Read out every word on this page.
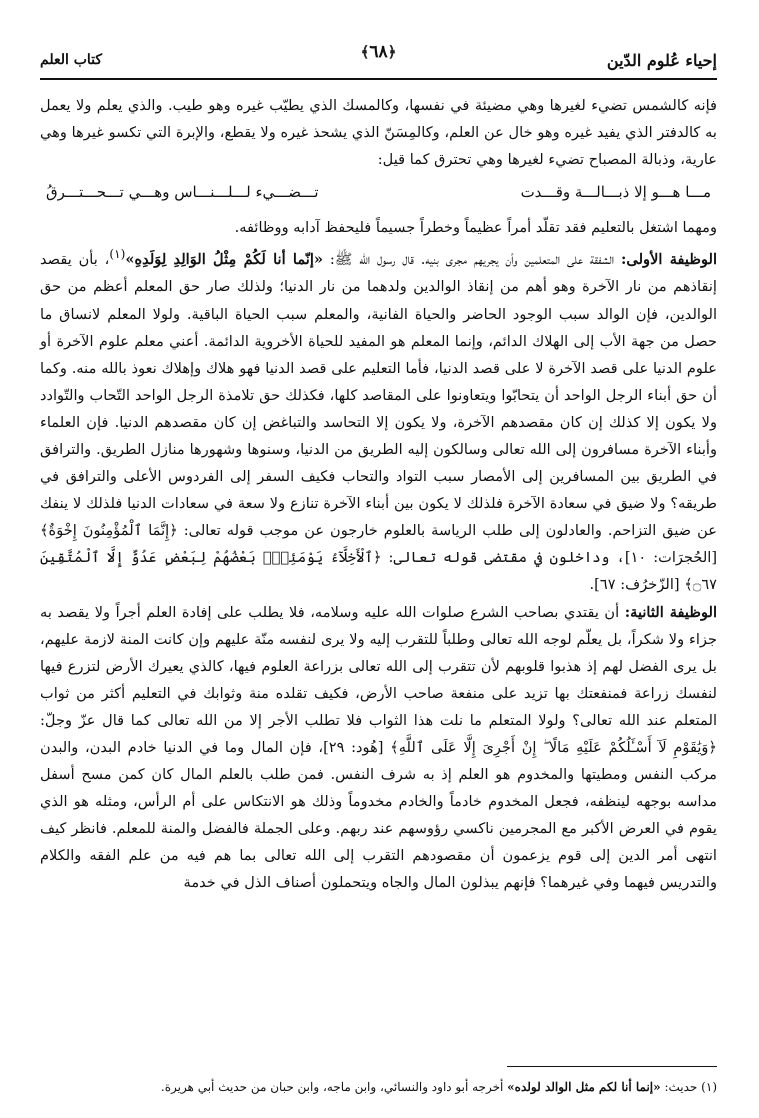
إحياء عُلوم الدّين
﴿٦٨﴾
كتاب العلم

فإنه كالشمس تضيء لغيرها وهي مضيئة في نفسها، وكالمسك الذي يطيّب غيره وهو طيب. والذي يعلم ولا يعمل به كالدفتر الذي يفيد غيره وهو خال عن العلم، وكالمِسَنّ الذي يشحذ غيره ولا يقطع، والإبرة التي تكسو غيرها وهي عارية، وذبالة المصباح تضيء لغيرها وهي تحترق كما قيل:

مـــا هـــو إلا ذبـــالـــة وقـــدت
تـــضـــيء لـــلـــنـــاس وهـــي تـــحـــتـــرقُ

ومهما اشتغل بالتعليم فقد تقلّد أمراً عظيماً وخطراً جسيماً فليحفظ آدابه ووظائفه.

الوظيفة الأولى: الشفقة على المتعلمين وأن يجريهم مجرى بنيه. قال رسول الله ﷺ: «إنّما أنا لَكُمْ مِثْلُ الوَالِدِ لِوَلَدِهِ»$^{(١)}$، بأن يقصد إنقاذهم من نار الآخرة وهو أهم من إنقاذ الوالدين ولدهما من نار الدنيا؛ ولذلك صار حق المعلم أعظم من حق الوالدين، فإن الوالد سبب الوجود الحاضر والحياة الفانية، والمعلم سبب الحياة الباقية. ولولا المعلم لانساق ما حصل من جهة الأب إلى الهلاك الدائم، وإنما المعلم هو المفيد للحياة الأخروية الدائمة. أعني معلم علوم الآخرة أو علوم الدنيا على قصد الآخرة لا على قصد الدنيا، فأما التعليم على قصد الدنيا فهو هلاك وإهلاك نعوذ بالله منه. وكما أن حق أبناء الرجل الواحد أن يتحابّوا ويتعاونوا على المقاصد كلها، فكذلك حق تلامذة الرجل الواحد التّحاب والتّوادد ولا يكون إلا كذلك إن كان مقصدهم الآخرة، ولا يكون إلا التحاسد والتباغض إن كان مقصدهم الدنيا. فإن العلماء وأبناء الآخرة مسافرون إلى الله تعالى وسالكون إليه الطريق من الدنيا، وسنوها وشهورها منازل الطريق. والترافق في الطريق بين المسافرين إلى الأمصار سبب التواد والتحاب فكيف السفر إلى الفردوس الأعلى والترافق في طريقه؟ ولا ضيق في سعادة الآخرة فلذلك لا يكون بين أبناء الآخرة تنازع ولا سعة في سعادات الدنيا فلذلك لا ينفك عن ضيق التزاحم. والعادلون إلى طلب الرياسة بالعلوم خارجون عن موجب قوله تعالى: ﴿إِنَّمَا ٱلْمُؤْمِنُونَ إِخْوَةٌ﴾ [الحُجرَات: ١٠]، وداخلون في مقتضى قوله تعالى: ﴿ٱلْأَخِلَّآءُ يَوْمَئِذٍۭ بَعْضُهُمْ لِبَعْضٍ عَدُوٌّ إِلَّا ٱلْمُتَّقِينَ ۝٦٧﴾ [الزّخرُف: ٦٧].

الوظيفة الثانية: أن يقتدي بصاحب الشرع صلوات الله عليه وسلامه، فلا يطلب على إفادة العلم أجراً ولا يقصد به جزاء ولا شكراً، بل يعلّم لوجه الله تعالى وطلباً للتقرب إليه ولا يرى لنفسه منّة عليهم وإن كانت المنة لازمة عليهم، بل يرى الفضل لهم إذ هذبوا قلوبهم لأن تتقرب إلى الله تعالى بزراعة العلوم فيها، كالذي يعيرك الأرض لتزرع فيها لنفسك زراعة فمنفعتك بها تزيد على منفعة صاحب الأرض، فكيف تقلده منة وثوابك في التعليم أكثر من ثواب المتعلم عند الله تعالى؟ ولولا المتعلم ما نلت هذا الثواب فلا تطلب الأجر إلا من الله تعالى كما قال عزّ وجلّ: ﴿وَيَٰقَوْمِ لَآ أَسْـَٔلُكُمْ عَلَيْهِ مَالًا ۖ إِنْ أَجْرِىَ إِلَّا عَلَى ٱللَّهِ﴾ [هُود: ٢٩]، فإن المال وما في الدنيا خادم البدن، والبدن مركب النفس ومطيتها والمخدوم هو العلم إذ به شرف النفس. فمن طلب بالعلم المال كان كمن مسح أسفل مداسه بوجهه لينظفه، فجعل المخدوم خادماً والخادم مخدوماً وذلك هو الانتكاس على أم الرأس، ومثله هو الذي يقوم في العرض الأكبر مع المجرمين ناكسي رؤوسهم عند ربهم. وعلى الجملة فالفضل والمنة للمعلم. فانظر كيف انتهى أمر الدين إلى قوم يزعمون أن مقصودهم التقرب إلى الله تعالى بما هم فيه من علم الفقه والكلام والتدريس فيهما وفي غيرهما؟ فإنهم يبذلون المال والجاه ويتحملون أصناف الذل في خدمة

(١) حديث: «إنما أنا لكم مثل الوالد لولده» أخرجه أبو داود والنسائي، وابن ماجه، وابن حبان من حديث أبي هريرة.
